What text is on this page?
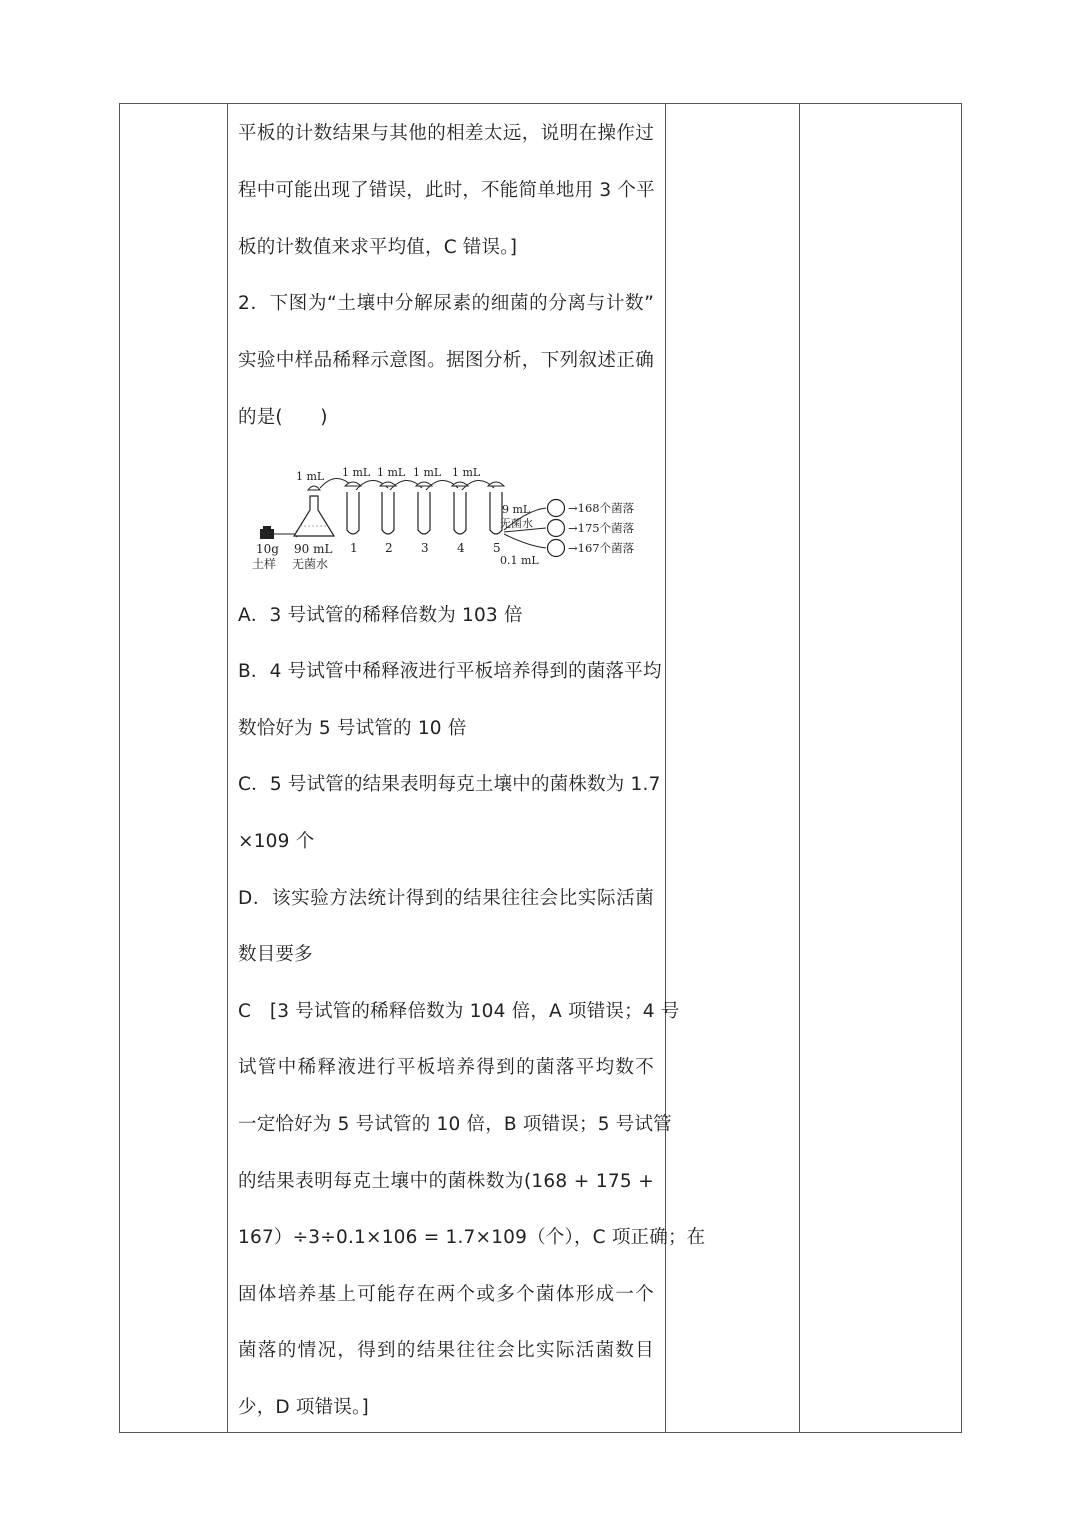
平板的计数结果与其他的相差太远，说明在操作过
程中可能出现了错误，此时，不能简单地用 3 个平
板的计数值来求平均值，C 错误。]
2．下图为“土壤中分解尿素的细菌的分离与计数”
实验中样品稀释示意图。据图分析，下列叙述正确
的是(　　)
10g
土样
90 mL
无菌水
1 mL 1 mL 1 mL 1 mL 1 mL
1 2 3 4 5
9 mL
无菌水
0.1 mL
→168个菌落
→175个菌落
→167个菌落
A．3 号试管的稀释倍数为 103 倍
B．4 号试管中稀释液进行平板培养得到的菌落平均
数恰好为 5 号试管的 10 倍
C．5 号试管的结果表明每克土壤中的菌株数为 1.7
×109 个
D．该实验方法统计得到的结果往往会比实际活菌
数目要多
C　[3 号试管的稀释倍数为 104 倍，A 项错误；4 号
试管中稀释液进行平板培养得到的菌落平均数不
一定恰好为 5 号试管的 10 倍，B 项错误；5 号试管
的结果表明每克土壤中的菌株数为(168 + 175 +
167）÷3÷0.1×106 = 1.7×109（个），C 项正确；在
固体培养基上可能存在两个或多个菌体形成一个
菌落的情况，得到的结果往往会比实际活菌数目
少，D 项错误。]
